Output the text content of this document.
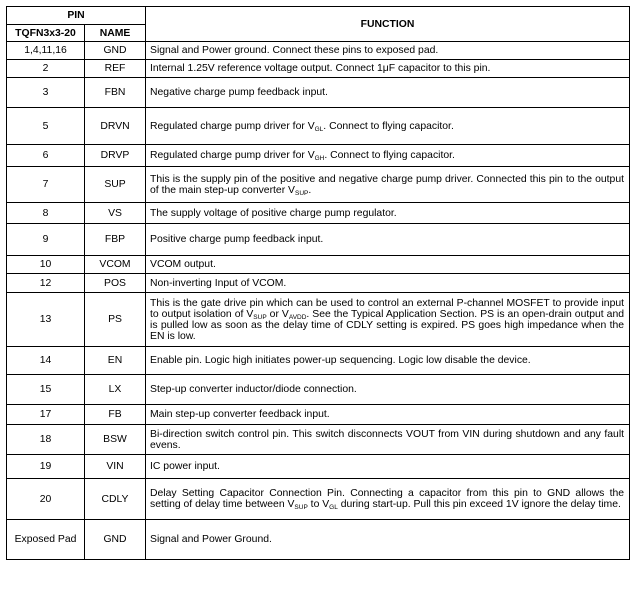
PIN		FUNCTION
TQFN3x3-20	NAME	
1,4,11,16	GND	Signal and Power ground. Connect these pins to exposed pad.
2	REF	Internal 1.25V reference voltage output. Connect 1μF capacitor to this pin.
3	FBN	Negative charge pump feedback input.
5	DRVN	Regulated charge pump driver for $V_{GL}$. Connect to flying capacitor.
6	DRVP	Regulated charge pump driver for $V_{GH}$. Connect to flying capacitor.
7	SUP	This is the supply pin of the positive and negative charge pump driver. Connected this pin to the output of the main step-up converter $V_{SUP}$.
8	VS	The supply voltage of positive charge pump regulator.
9	FBP	Positive charge pump feedback input.
10	VCOM	VCOM output.
12	POS	Non-inverting Input of VCOM.
13	PS	This is the gate drive pin which can be used to control an external P-channel MOSFET to provide input to output isolation of $V_{SUP}$ or $V_{AVDD}$. See the Typical Application Section. PS is an open-drain output and is pulled low as soon as the delay time of CDLY setting is expired. PS goes high impedance when the EN is low.
14	EN	Enable pin. Logic high initiates power-up sequencing. Logic low disable the device.
15	LX	Step-up converter inductor/diode connection.
17	FB	Main step-up converter feedback input.
18	BSW	Bi-direction switch control pin. This switch disconnects VOUT from VIN during shutdown and any fault evens.
19	VIN	IC power input.
20	CDLY	Delay Setting Capacitor Connection Pin. Connecting a capacitor from this pin to GND allows the setting of delay time between $V_{SUP}$ to $V_{GL}$ during start-up. Pull this pin exceed 1V ignore the delay time.
Exposed Pad	GND	Signal and Power Ground.
